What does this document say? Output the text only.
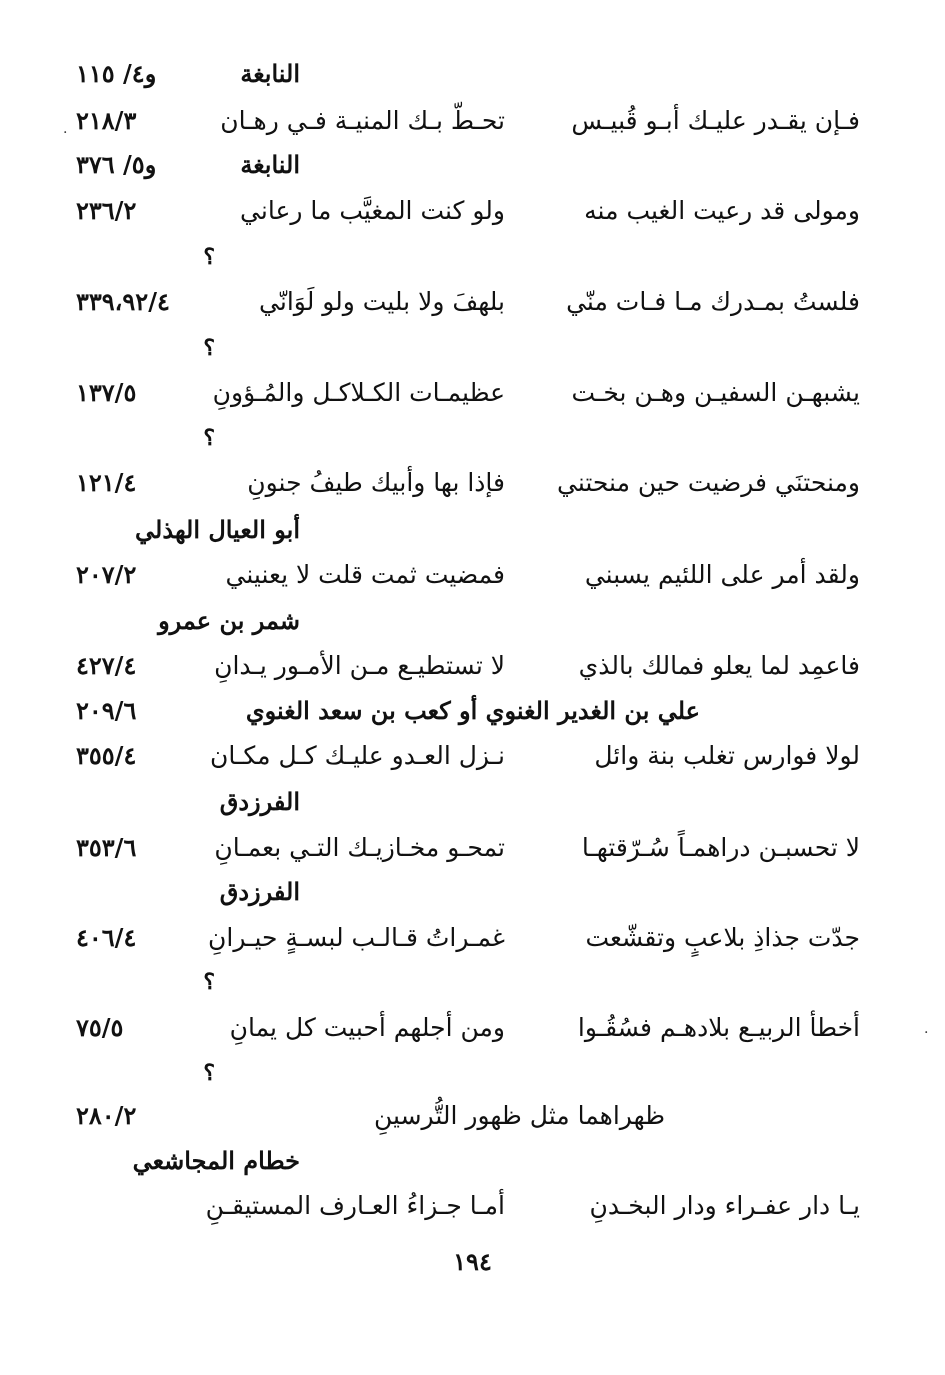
النابغة
و٤/ ١١٥
فـإن يقـدر عليـك أبـو قُبيـس
تحـطّ بـك المنيـة فـي رهـان
٢١٨/٣
النابغة
و٥/ ٣٧٦
ومولى قد رعيت الغيب منه
ولو كنت المغيَّب ما رعاني
٢٣٦/٢
؟
فلستُ بمـدرك مـا فـات منّي
بلهفَ ولا بليت ولو لَوَانّي
٣٣٩،٩٢/٤
؟
يشبهـن السفيـن وهـن بخـت
عظيمـات الكـلاكـل والمُـؤونِ
١٣٧/٥
؟
ومنحتنَي فرضيت حين منحتني
فإذا بها وأبيك طيفُ جنونِ
١٢١/٤
أبو العيال الهذلي
ولقد أمر على اللئيم يسبني
فمضيت ثمت قلت لا يعنيني
٢٠٧/٢
شمر بن عمرو
فاعمِد لما يعلو فمالك بالذي
لا تستطيـع مـن الأمـور يـدانِ
٤٢٧/٤
علي بن الغدير الغنوي أو كعب بن سعد الغنوي
٢٠٩/٦
لولا فوارس تغلب بنة وائل
نـزل العـدو عليـك كـل مكـان
٣٥٥/٤
الفرزدق
لا تحسبـن دراهمـاً سُـرّقتهـا
تمحـو مخـازيـك التـي بعمـانِ
٣٥٣/٦
الفرزدق
جدّت جذاذِ بلاعبٍ وتقشّعت
غمـراتُ قـالـب لبسـةٍ حيـرانِ
٤٠٦/٤
؟
أخطأ الربيـع بلادهـم فسُقُـوا
ومن أجلهم أحبيت كل يمانِ
٧٥/٥
؟
ظهراهما مثل ظهور التُّرسينِ
٢٨٠/٢
خطام المجاشعي
يـا دار عفـراء ودار البخـدنِ
أمـا جـزاءُ العـارف المستيقـنِ
١٩٤
.
.
